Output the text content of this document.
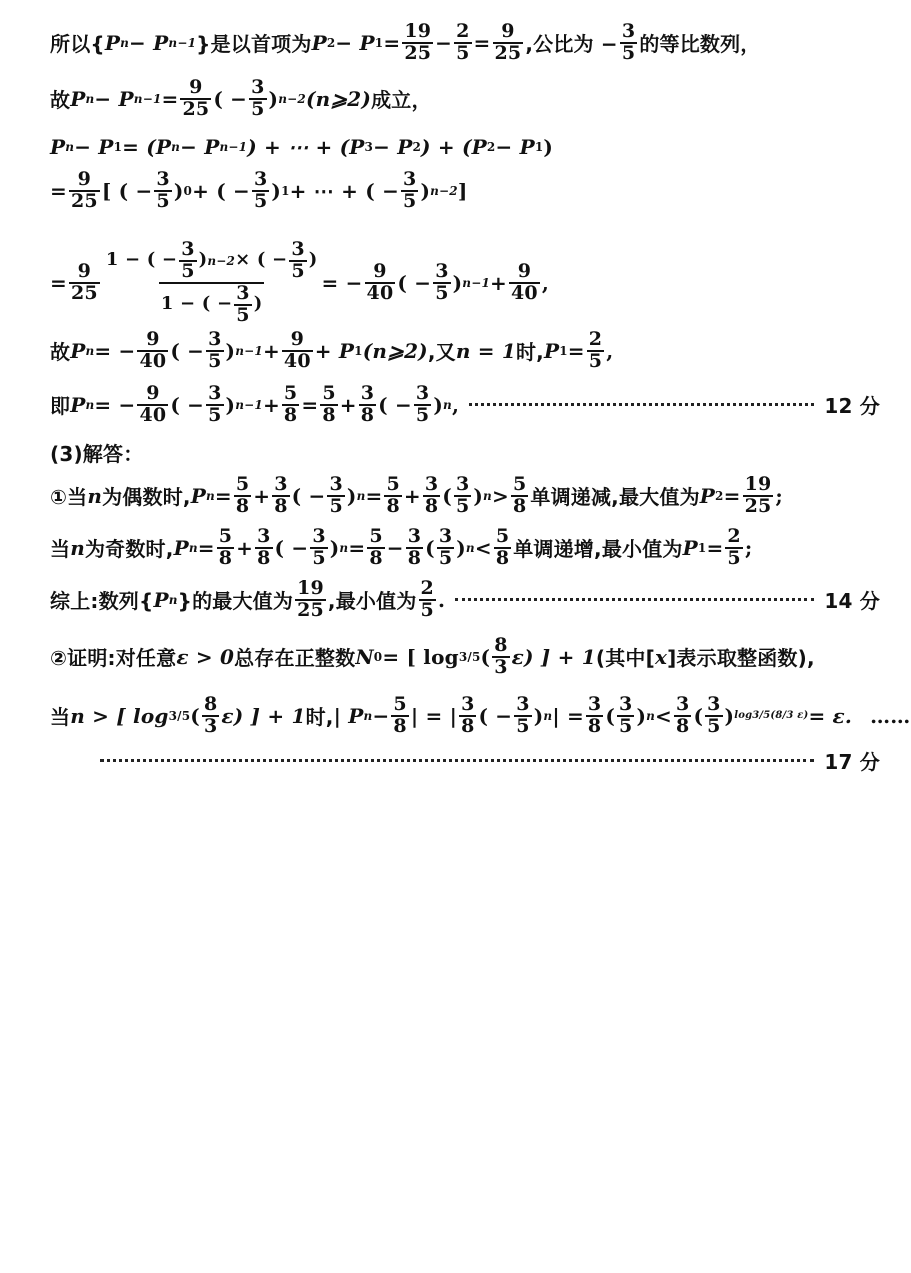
所以{ P n − P n−1 }是以首项为 P 2 − P $1 = \frac{19}{25} - \frac{2}{5} = \frac{9}{25}$ ,公比为 − $\frac{3}{5}$ 的等比数列，
故 P n − P $n-1 = \frac{9}{25}$ ( − $\frac{3}{5}$ ) n−2 (n⩾2) 成立，
P n − P 1 = (P n − P n−1 ) + ⋯ + (P 3 − P 2 ) + (P 2 − P 1 )
= $\frac{9}{25}$ [ ( − $\frac{3}{5}$ ) 0 + ( − $\frac{3}{5}$ ) 1 + ⋯ + ( − $\frac{3}{5}$ ) n−2 ]
= $\frac{9}{25}$
1 − ( − $\frac{3}{5}$ ) n−2 × ( − $\frac{3}{5}$ )
1 − ( − $\frac{3}{5}$ )
= − $\frac{9}{40}$ ( − $\frac{3}{5}$ ) $n-1 + \frac{9}{40}$ ,
故 P n = − $\frac{9}{40}$ ( − $\frac{3}{5}$ ) $n-1 + \frac{9}{40} + P$ 1 (n⩾2) ,又 n = 1 时, P $1 = \frac{2}{5}$ ,
即 P n = − $\frac{9}{40}$ ( − $\frac{3}{5}$ ) $n-1 + \frac{5}{8} = \frac{5}{8} + \frac{3}{8}$ ( − $\frac{3}{5}$ ) n ,	12 分
(3)解答：
①当 n 为偶数时, P $n = \frac{5}{8} + \frac{3}{8}$ ( − $\frac{3}{5}$ ) $n = \frac{5}{8} + \frac{3}{8}$ ( $\frac{3}{5}$ ) $n > \frac{5}{8}$ 单调递减,最大值为 P $2 = \frac{19}{25}$ ;
当 n 为奇数时, P $n = \frac{5}{8} + \frac{3}{8}$ ( − $\frac{3}{5}$ ) $n = \frac{5}{8} - \frac{3}{8}$ ( $\frac{3}{5}$ ) $n < \frac{5}{8}$ 单调递增,最小值为 P $1 = \frac{2}{5}$ ;
综上:数列{ P n }的最大值为 $\frac{19}{25}$ ,最小值为 $\frac{2}{5}$ .	14 分
②证明:对任意 ε > 0 总存在正整数 N 0 = [ log 3/5 ( $\frac{8}{3} \varepsilon$) ] + 1 (其中[ x ]表示取整函数),
当 n > [ log 3/5 ( $\frac{8}{3} \varepsilon$) ] + 1 时, | P $n - \frac{5}{8}$ | = | $\frac{3}{8}$ ( − $\frac{3}{5}$ ) n | = $\frac{3}{8}$ ( $\frac{3}{5}$ ) $n < \frac{3}{8}$ ( $\frac{3}{5}$ ) log3/5(8/3 ε) = ε. ……
17 分
